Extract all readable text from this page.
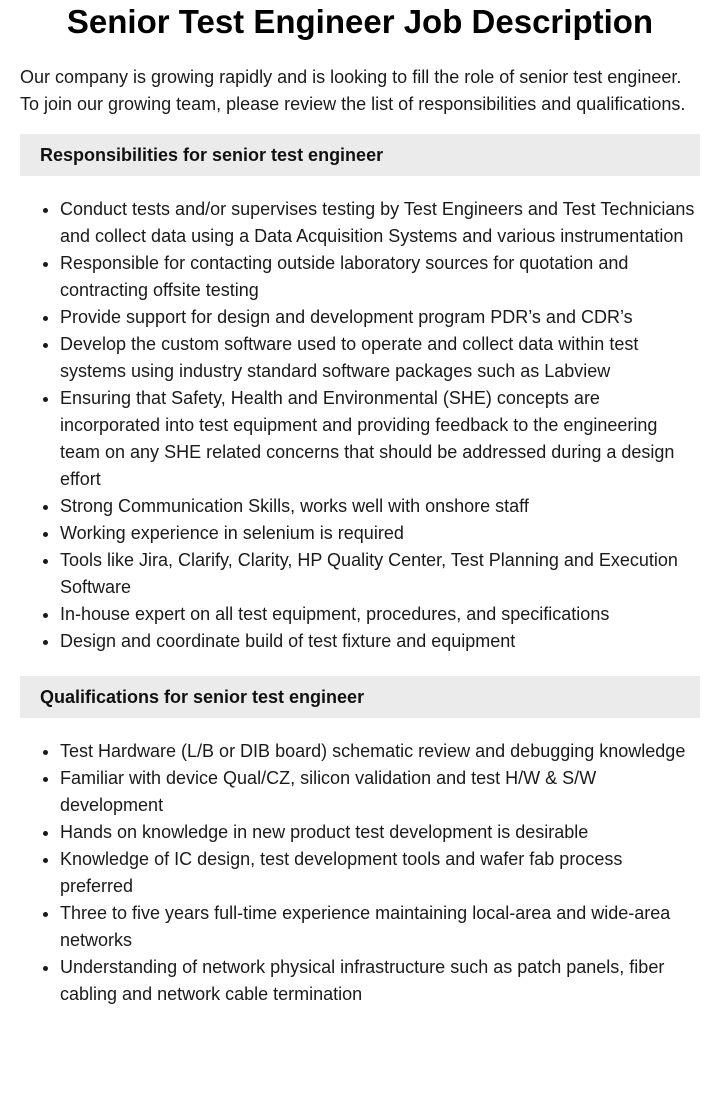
Senior Test Engineer Job Description

Our company is growing rapidly and is looking to fill the role of senior test engineer. To join our growing team, please review the list of responsibilities and qualifications.

Responsibilities for senior test engineer
• Conduct tests and/or supervises testing by Test Engineers and Test Technicians and collect data using a Data Acquisition Systems and various instrumentation
• Responsible for contacting outside laboratory sources for quotation and contracting offsite testing
• Provide support for design and development program PDR’s and CDR’s
• Develop the custom software used to operate and collect data within test systems using industry standard software packages such as Labview
• Ensuring that Safety, Health and Environmental (SHE) concepts are incorporated into test equipment and providing feedback to the engineering team on any SHE related concerns that should be addressed during a design effort
• Strong Communication Skills, works well with onshore staff
• Working experience in selenium is required
• Tools like Jira, Clarify, Clarity, HP Quality Center, Test Planning and Execution Software
• In-house expert on all test equipment, procedures, and specifications
• Design and coordinate build of test fixture and equipment
Qualifications for senior test engineer
• Test Hardware (L/B or DIB board) schematic review and debugging knowledge
• Familiar with device Qual/CZ, silicon validation and test H/W & S/W development
• Hands on knowledge in new product test development is desirable
• Knowledge of IC design, test development tools and wafer fab process preferred
• Three to five years full-time experience maintaining local-area and wide-area networks
• Understanding of network physical infrastructure such as patch panels, fiber cabling and network cable termination
